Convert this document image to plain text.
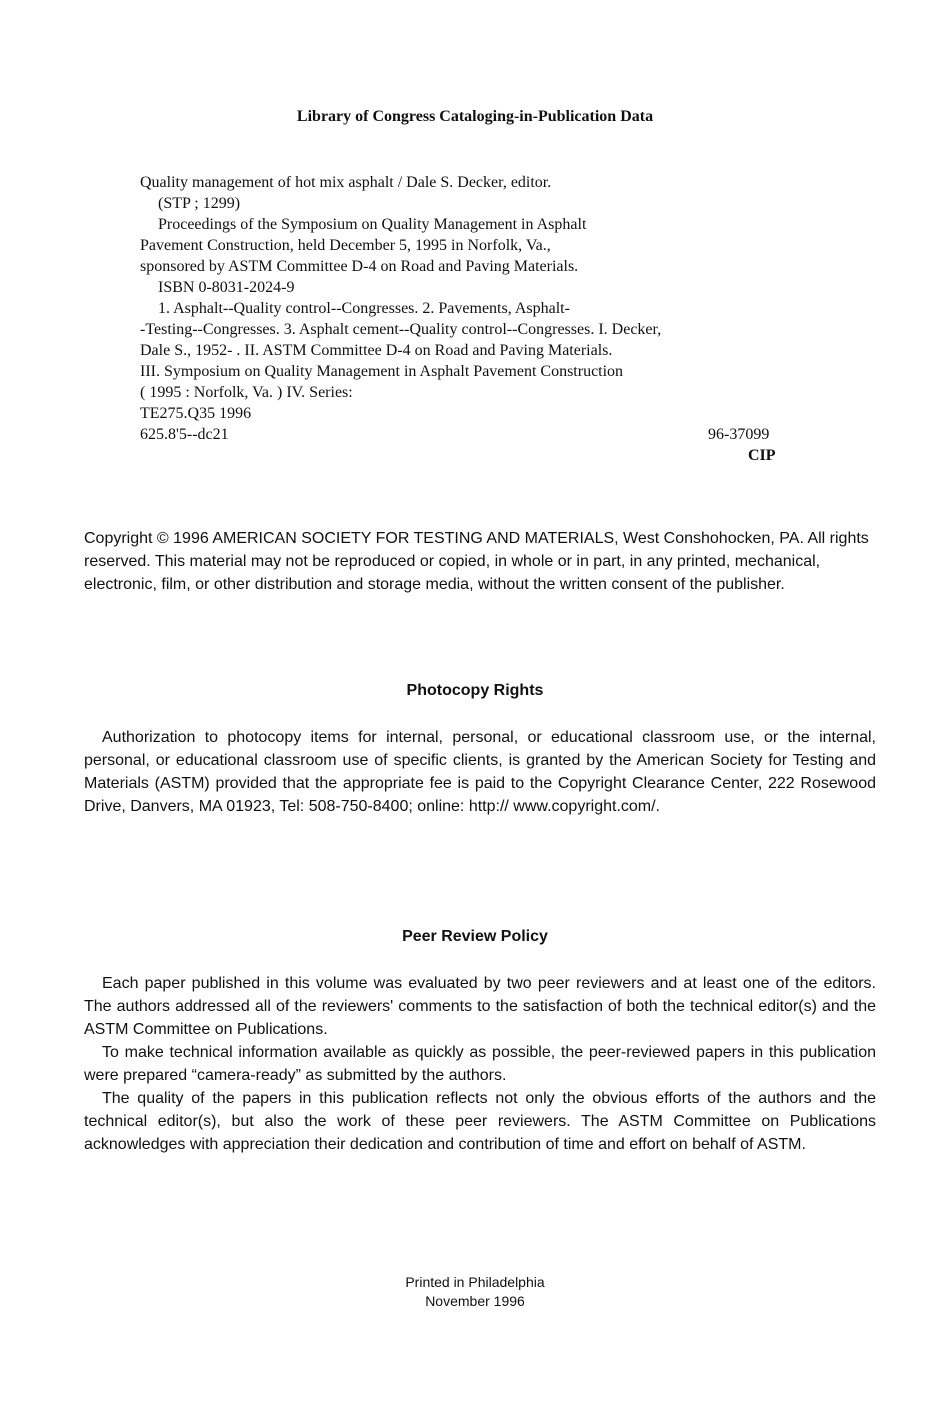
Library of Congress Cataloging-in-Publication Data
Quality management of hot mix asphalt / Dale S. Decker, editor.
(STP ; 1299)
Proceedings of the Symposium on Quality Management in Asphalt
Pavement Construction, held December 5, 1995 in Norfolk, Va.,
sponsored by ASTM Committee D-4 on Road and Paving Materials.
ISBN 0-8031-2024-9
1. Asphalt--Quality control--Congresses. 2. Pavements, Asphalt-
-Testing--Congresses. 3. Asphalt cement--Quality control--Congresses. I. Decker,
Dale S., 1952- . II. ASTM Committee D-4 on Road and Paving Materials.
III. Symposium on Quality Management in Asphalt Pavement Construction
( 1995 : Norfolk, Va. ) IV. Series:
TE275.Q35 1996
625.8'5--dc21	96-37099
CIP

Copyright © 1996 AMERICAN SOCIETY FOR TESTING AND MATERIALS, West Conshohocken, PA. All rights reserved. This material may not be reproduced or copied, in whole or in part, in any printed, mechanical, electronic, film, or other distribution and storage media, without the written consent of the publisher.

Photocopy Rights

Authorization to photocopy items for internal, personal, or educational classroom use, or the internal, personal, or educational classroom use of specific clients, is granted by the American Society for Testing and Materials (ASTM) provided that the appropriate fee is paid to the Copyright Clearance Center, 222 Rosewood Drive, Danvers, MA 01923, Tel: 508-750-8400; online: http:// www.copyright.com/.

Peer Review Policy

Each paper published in this volume was evaluated by two peer reviewers and at least one of the editors. The authors addressed all of the reviewers' comments to the satisfaction of both the technical editor(s) and the ASTM Committee on Publications.

To make technical information available as quickly as possible, the peer-reviewed papers in this publication were prepared “camera-ready” as submitted by the authors.

The quality of the papers in this publication reflects not only the obvious efforts of the authors and the technical editor(s), but also the work of these peer reviewers. The ASTM Committee on Publications acknowledges with appreciation their dedication and contribution of time and effort on behalf of ASTM.

Printed in Philadelphia
November 1996
